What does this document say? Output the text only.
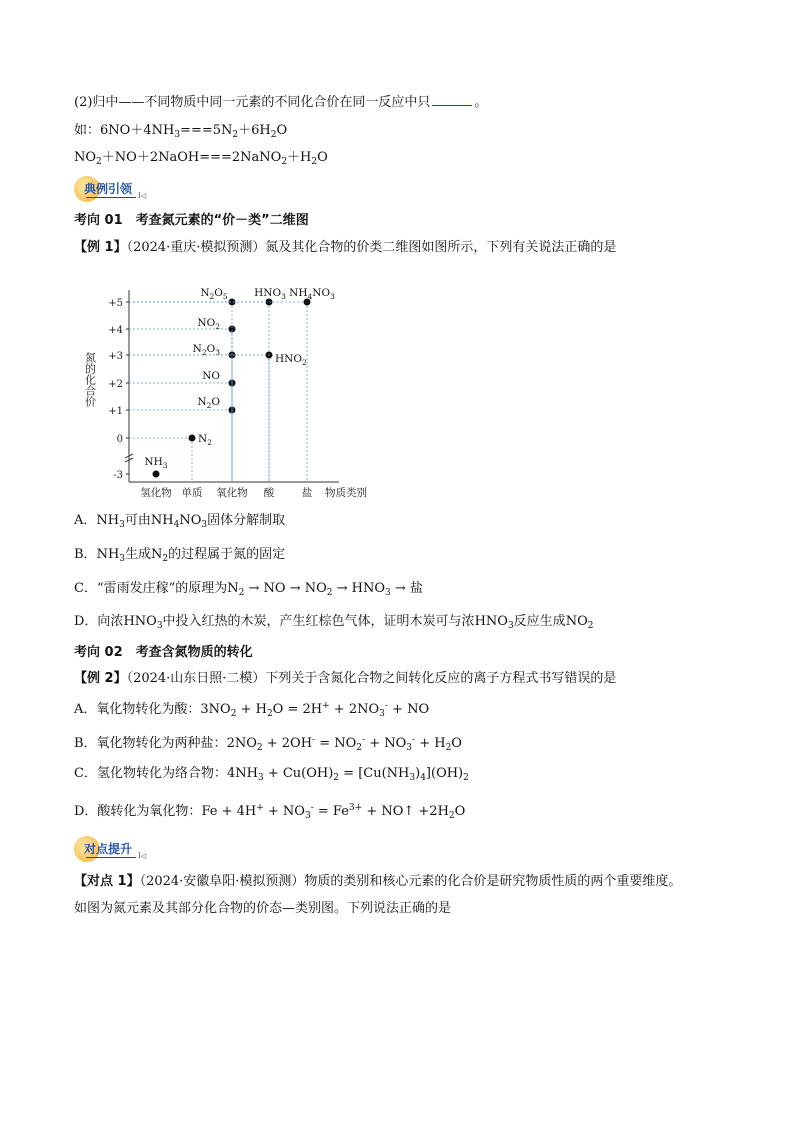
(2)归中——不同物质中同一元素的不同化合价在同一反应中只	。
如：$6NO+4NH_3===5N_2+6H_2O$
$NO_2+NO+2NaOH===2NaNO_2+H_2O$
典例引领 I◁
考向 01　考查氮元素的“价－类”二维图
【例 1】（2024·重庆·模拟预测）氮及其化合物的价类二维图如图所示，下列有关说法正确的是
氮的化合价
+5
+4
+3
+2
+1
0
-3
氢化物 单质 氧化物 酸	盐 物质类别
$NH_3$
$N_2$
$N_2O$
NO
$N_2O_3$
$NO_2$
$N_2O_5$
$HNO_2$
$HNO_3$ $NH_4NO_3$
A．$NH_3$可由$NH_4NO_3$固体分解制取
B．$NH_3$生成$N_2$的过程属于氮的固定
C．“雷雨发庄稼”的原理为$N_2$ → NO → $NO_2 \to HNO_3$ → 盐
D．向浓$HNO_3$中投入红热的木炭，产生红棕色气体，证明木炭可与浓$HNO_3$反应生成$NO_2$
考向 02　考查含氮物质的转化
【例 2】（2024·山东日照·二模）下列关于含氮化合物之间转化反应的离子方程式书写错误的是
A．氧化物转化为酸：$3NO_2 + H_2O = 2H^+ + 2NO_3^-$ + NO
B．氧化物转化为两种盐：$2NO_2 + 2OH^- = NO_2^- + NO_3^- + H_2O$
C．氢化物转化为络合物：$4NH_3 + Cu(OH)_2 = [Cu(NH_3)_4](OH)_2$
D．酸转化为氧化物：$Fe + 4H^+ + NO_3^- = Fe^{3+}$ + NO↑ $+2H_2O$
对点提升 I◁
【对点 1】（2024·安徽阜阳·模拟预测）物质的类别和核心元素的化合价是研究物质性质的两个重要维度。
如图为氮元素及其部分化合物的价态—类别图。下列说法正确的是
